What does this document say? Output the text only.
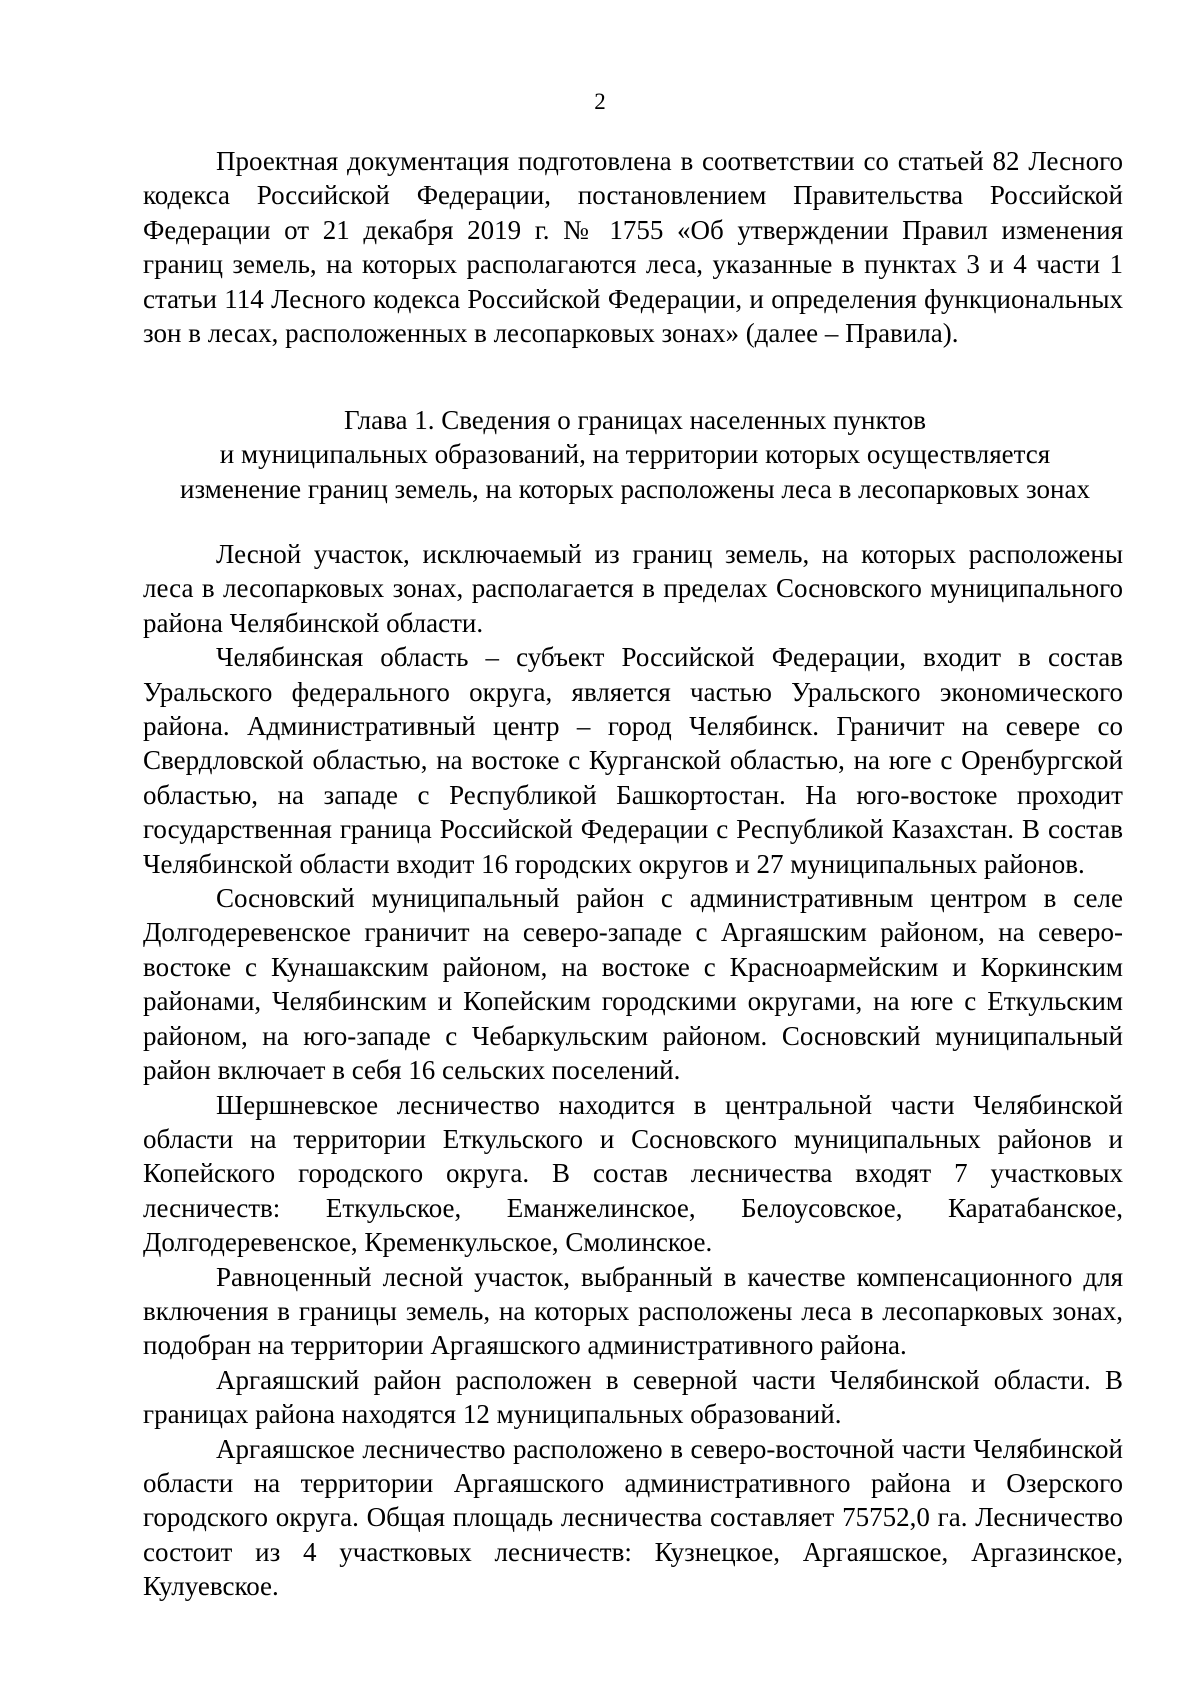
2

Проектная документация подготовлена в соответствии со статьей 82 Лесного кодекса Российской Федерации, постановлением Правительства Российской Федерации от 21 декабря 2019 г. № 1755 «Об утверждении Правил изменения границ земель, на которых располагаются леса, указанные в пунктах 3 и 4 части 1 статьи 114 Лесного кодекса Российской Федерации, и определения функциональных зон в лесах, расположенных в лесопарковых зонах» (далее – Правила).

Глава 1. Сведения о границах населенных пунктов
и муниципальных образований, на территории которых осуществляется
изменение границ земель, на которых расположены леса в лесопарковых зонах

Лесной участок, исключаемый из границ земель, на которых расположены леса в лесопарковых зонах, располагается в пределах Сосновского муниципального района Челябинской области.

Челябинская область – субъект Российской Федерации, входит в состав Уральского федерального округа, является частью Уральского экономического района. Административный центр – город Челябинск. Граничит на севере со Свердловской областью, на востоке с Курганской областью, на юге с Оренбургской областью, на западе с Республикой Башкортостан. На юго-востоке проходит государственная граница Российской Федерации с Республикой Казахстан. В состав Челябинской области входит 16 городских округов и 27 муниципальных районов.

Сосновский муниципальный район с административным центром в селе Долгодеревенское граничит на северо-западе с Аргаяшским районом, на северо-востоке с Кунашакским районом, на востоке с Красноармейским и Коркинским районами, Челябинским и Копейским городскими округами, на юге с Еткульским районом, на юго-западе с Чебаркульским районом. Сосновский муниципальный район включает в себя 16 сельских поселений.

Шершневское лесничество находится в центральной части Челябинской области на территории Еткульского и Сосновского муниципальных районов и Копейского городского округа. В состав лесничества входят 7 участковых лесничеств: Еткульское, Еманжелинское, Белоусовское, Каратабанское, Долгодеревенское, Кременкульское, Смолинское.

Равноценный лесной участок, выбранный в качестве компенсационного для включения в границы земель, на которых расположены леса в лесопарковых зонах, подобран на территории Аргаяшского административного района.

Аргаяшский район расположен в северной части Челябинской области. В границах района находятся 12 муниципальных образований.

Аргаяшское лесничество расположено в северо-восточной части Челябинской области на территории Аргаяшского административного района и Озерского городского округа. Общая площадь лесничества составляет 75752,0 га. Лесничество состоит из 4 участковых лесничеств: Кузнецкое, Аргаяшское, Аргазинское, Кулуевское.
